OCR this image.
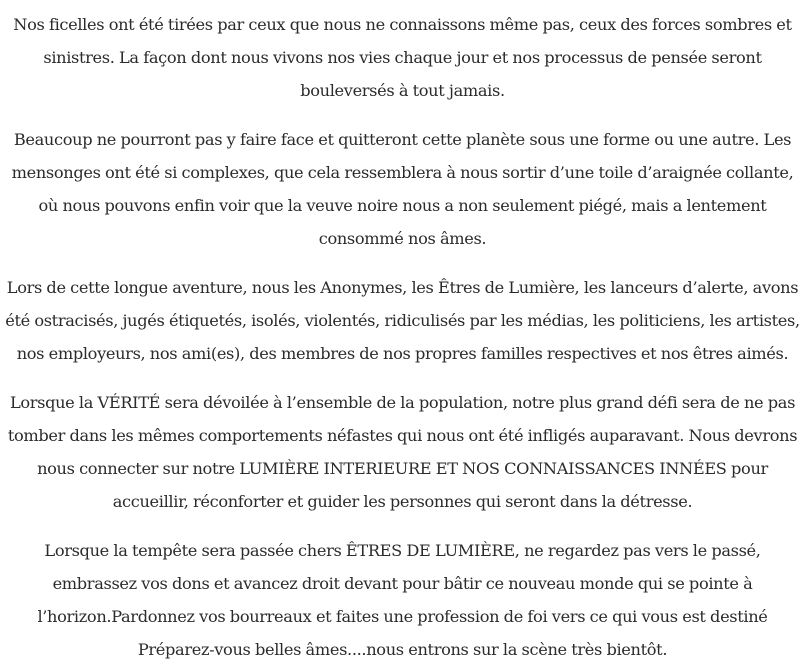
Nos ficelles ont été tirées par ceux que nous ne connaissons même pas, ceux des forces sombres et sinistres. La façon dont nous vivons nos vies chaque jour et nos processus de pensée seront bouleversés à tout jamais.

Beaucoup ne pourront pas y faire face et quitteront cette planète sous une forme ou une autre. Les mensonges ont été si complexes, que cela ressemblera à nous sortir d’une toile d’araignée collante, où nous pouvons enfin voir que la veuve noire nous a non seulement piégé, mais a lentement consommé nos âmes.

Lors de cette longue aventure, nous les Anonymes, les Êtres de Lumière, les lanceurs d’alerte, avons été ostracisés, jugés étiquetés, isolés, violentés, ridiculisés par les médias, les politiciens, les artistes, nos employeurs, nos ami(es), des membres de nos propres familles respectives et nos êtres aimés.

Lorsque la VÉRITÉ sera dévoilée à l’ensemble de la population, notre plus grand défi sera de ne pas tomber dans les mêmes comportements néfastes qui nous ont été infligés auparavant. Nous devrons nous connecter sur notre LUMIÈRE INTERIEURE ET NOS CONNAISSANCES INNÉES pour accueillir, réconforter et guider les personnes qui seront dans la détresse.

Lorsque la tempête sera passée chers ÊTRES DE LUMIÈRE, ne regardez pas vers le passé, embrassez vos dons et avancez droit devant pour bâtir ce nouveau monde qui se pointe à l’horizon.Pardonnez vos bourreaux et faites une profession de foi vers ce qui vous est destiné Préparez-vous belles âmes....nous entrons sur la scène très bientôt.
